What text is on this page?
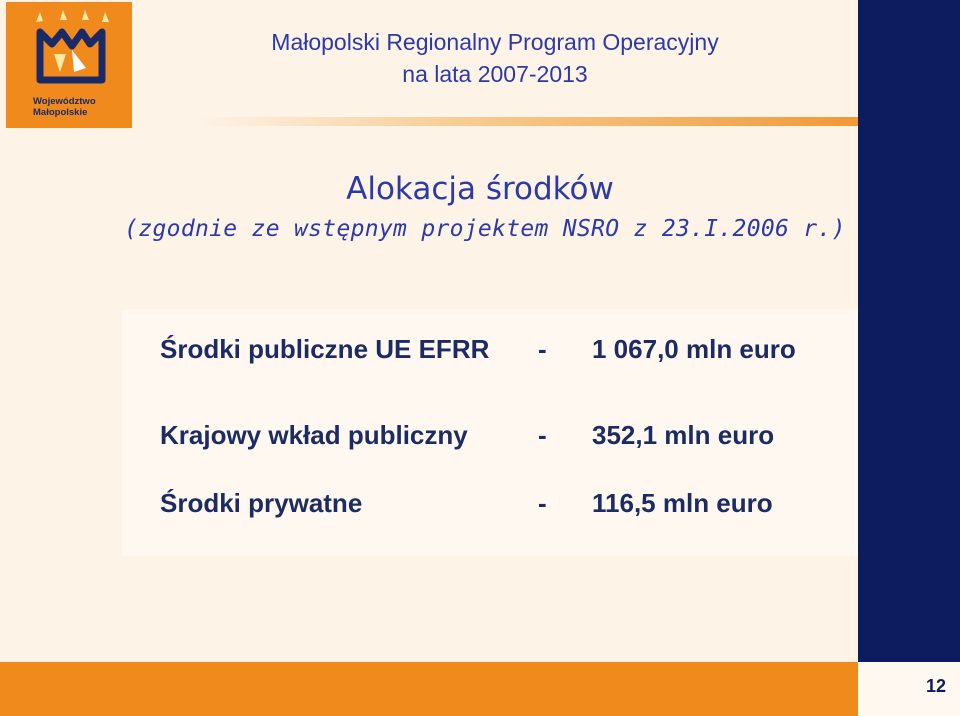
Województwo
Małopolskie
Małopolski Regionalny Program Operacyjny
na lata 2007-2013
Alokacja środków
(zgodnie ze wstępnym projektem NSRO z 23.I.2006 r.)
Środki publiczne UE EFRR - 1 067,0 mln euro
Krajowy wkład publiczny	- 352,1 mln euro
Środki prywatne	- 116,5 mln euro
12
